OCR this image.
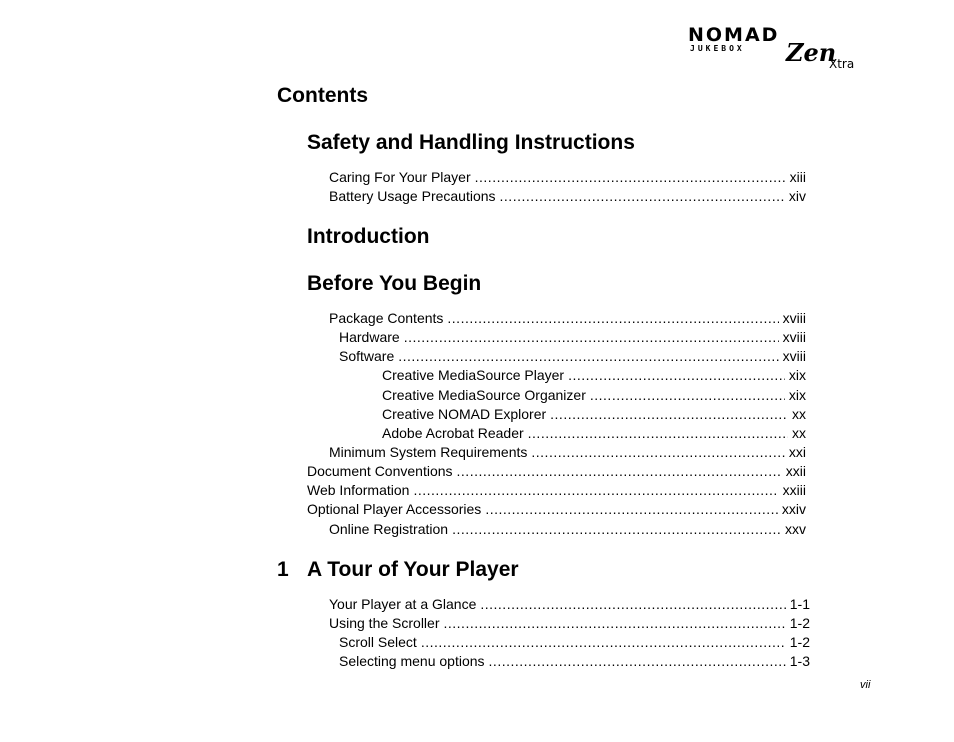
NOMAD
JUKEBOX Zen
Xtra
Contents
Safety and Handling Instructions
Caring For Your Player .....	xiii
Battery Usage Precautions .....	xiv
Introduction
Before You Begin
Package Contents .....	xviii
Hardware .....	xviii
Software .....	xviii
Creative MediaSource Player .....	xix
Creative MediaSource Organizer .....	xix
Creative NOMAD Explorer .....	xx
Adobe Acrobat Reader .....	xx
Minimum System Requirements .....	xxi
Document Conventions .....	xxii
Web Information .....	xxiii
Optional Player Accessories .....	xxiv
Online Registration .....	xxv
1 A Tour of Your Player
Your Player at a Glance .....	1-1
Using the Scroller .....	1-2
Scroll Select .....	1-2
Selecting menu options .....	1-3
vii
